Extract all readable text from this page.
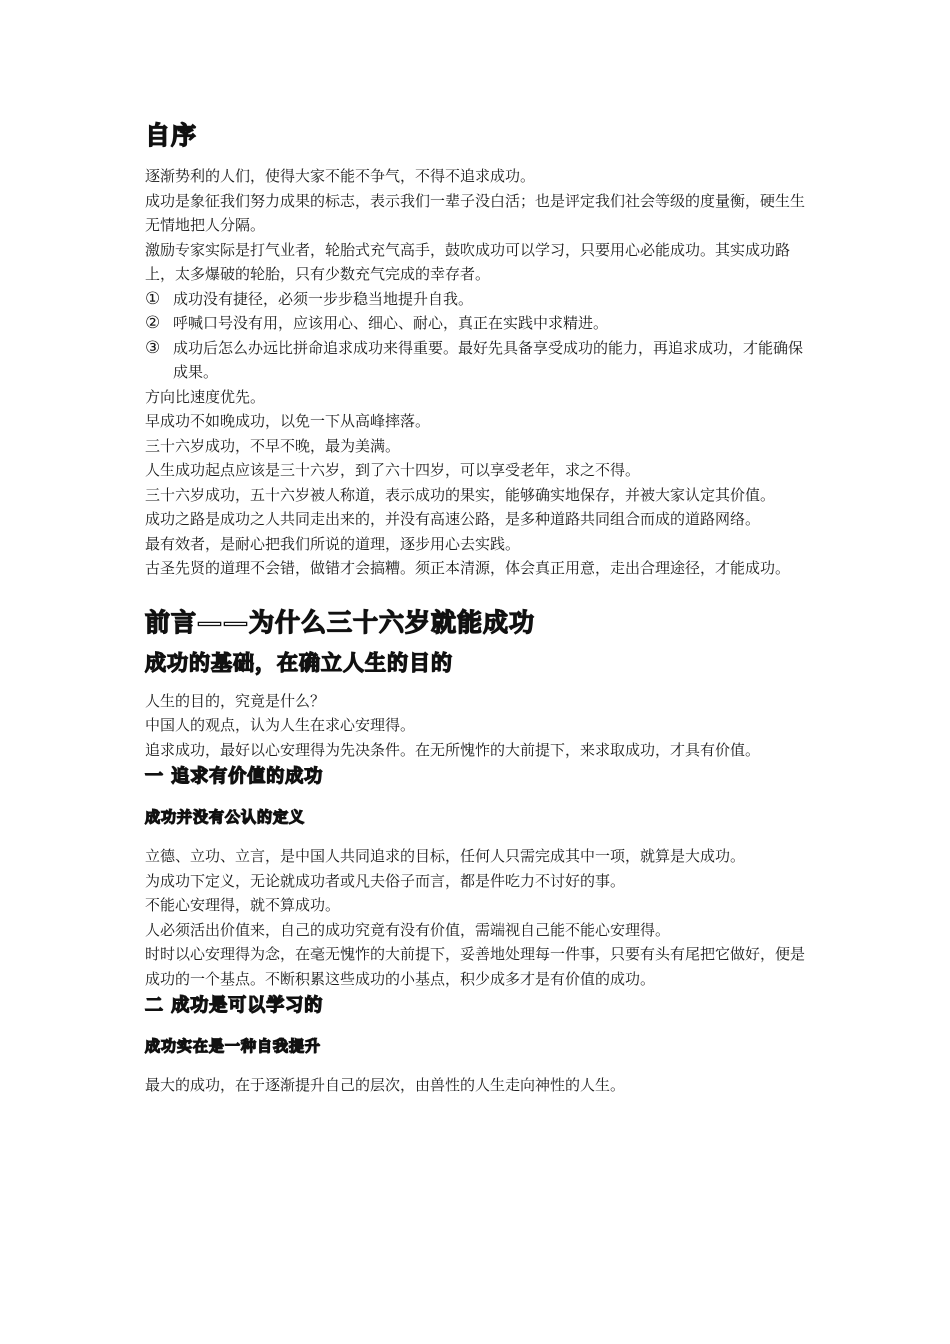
自序

逐渐势利的人们，使得大家不能不争气，不得不追求成功。

成功是象征我们努力成果的标志，表示我们一辈子没白活；也是评定我们社会等级的度量衡，硬生生无情地把人分隔。

激励专家实际是打气业者，轮胎式充气高手，鼓吹成功可以学习，只要用心必能成功。其实成功路上，太多爆破的轮胎，只有少数充气完成的幸存者。

① 成功没有捷径，必须一步步稳当地提升自我。
② 呼喊口号没有用，应该用心、细心、耐心，真正在实践中求精进。
③ 成功后怎么办远比拼命追求成功来得重要。最好先具备享受成功的能力，再追求成功，才能确保成果。

方向比速度优先。

早成功不如晚成功，以免一下从高峰摔落。

三十六岁成功，不早不晚，最为美满。

人生成功起点应该是三十六岁，到了六十四岁，可以享受老年，求之不得。

三十六岁成功，五十六岁被人称道，表示成功的果实，能够确实地保存，并被大家认定其价值。

成功之路是成功之人共同走出来的，并没有高速公路，是多种道路共同组合而成的道路网络。

最有效者，是耐心把我们所说的道理，逐步用心去实践。

古圣先贤的道理不会错，做错才会搞糟。须正本清源，体会真正用意，走出合理途径，才能成功。

前言——为什么三十六岁就能成功
成功的基础，在确立人生的目的

人生的目的，究竟是什么？

中国人的观点，认为人生在求心安理得。

追求成功，最好以心安理得为先决条件。在无所愧怍的大前提下，来求取成功，才具有价值。

一 追求有价值的成功
成功并没有公认的定义

立德、立功、立言，是中国人共同追求的目标，任何人只需完成其中一项，就算是大成功。

为成功下定义，无论就成功者或凡夫俗子而言，都是件吃力不讨好的事。

不能心安理得，就不算成功。

人必须活出价值来，自己的成功究竟有没有价值，需端视自己能不能心安理得。

时时以心安理得为念，在毫无愧怍的大前提下，妥善地处理每一件事，只要有头有尾把它做好，便是成功的一个基点。不断积累这些成功的小基点，积少成多才是有价值的成功。

二 成功是可以学习的
成功实在是一种自我提升

最大的成功，在于逐渐提升自己的层次，由兽性的人生走向神性的人生。
